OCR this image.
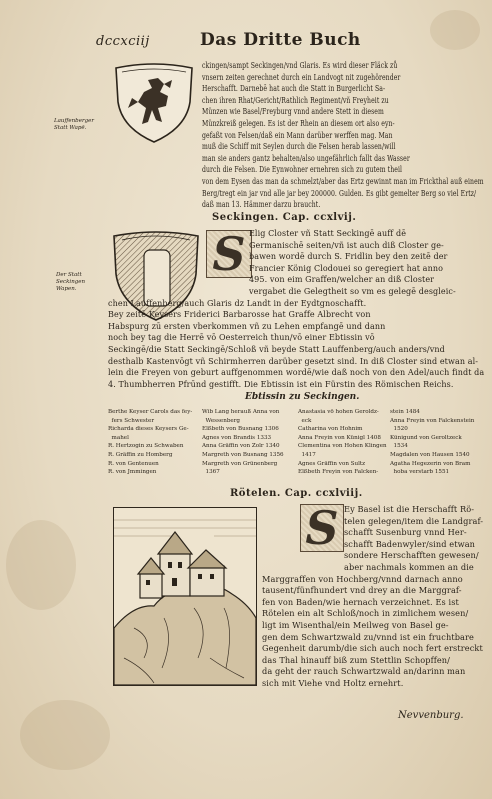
dccxciij	Das Dritte Buch
Lauffenberger
Statt Wapē.
ckingen/sampt Seckingen/vnd Glaris. Es wird dieser Fläck zů
vnsern zeiten gerechnet durch ein Landvogt nit zugehörender
Herschafft. Darnebē hat auch die Statt in Burgerlicht Sa-
chen ihren Rhat/Gericht/Rathlich Regiment/vñ Freyheit zu
Münzen wie Basel/Freyburg vnnd andere Stett in diesem
Münzkreiß gelegen. Es ist der Rhein an diesem ort also eyn-
gefaßt von Felsen/daß ein Mann darüber werffen mag. Man
muß die Schiff mit Seylen durch die Felsen herab lassen/will
man sie anders gantz behalten/also ungefährlich fallt das Wasser
durch die Felsen. Die Eynwohner ernehren sich zu gutem theil
von dem Eysen das man da schmelzt/aber das Ertz gewinnt man im Frickthal auß einem
Berg/tregt ein jar vnd alle jar bey 200000. Gulden. Es gibt gemelter Berg so viel Ertz/
daß man 13. Hämmer darzu braucht.
Seckingen. Cap. ccxlvij.
Der Statt
Seckingen
Wapen.
S Elig Closter vñ Statt Seckingē auff dē
Germanischē seiten/vñ ist auch diß Closter ge-
bawen wordē durch S. Fridlin bey den zeitē der
Francier König Clodouei so geregiert hat anno
495. von eim Graffen/welcher an diß Closter
vergabet die Gelegtheit so vm es gelegē desgleic-
chen Lauffenberg/auch Glaris dz Landt in der Eydtgnoschafft.
Bey zeitē Keysers Friderici Barbarosse hat Graffe Albrecht von
Habspurg zū ersten vberkommen vñ zu Lehen empfangē und dann
noch bey tag die Herrē vō Oesterreich thun/vō einer Ebtissin vō
Seckingē/die Statt Seckingē/Schloß vñ beyde Statt Lauffenberg/auch anders/vnd
desthalb Kastenvōgt vñ Schirmherren darüber gesetzt sind. In diß Closter sind etwan al-
lein die Freyen von geburt auffgenommen wordē/wie daß noch von den Adel/auch findt da
4. Thumbherren Pfrūnd gestifft. Die Ebtissin ist ein Fürstin des Römischen Reichs.
Ebtissin zu Seckingen.
Berthe Keyser Carols das fey-
fers Schwester
Richarda dieses Keysers Ge-
mahel
R. Hertzogin zu Schwaben
R. Gräffin zu Homberg
R. von Gentenuen
R. von Jmmingen
Wib Lang herauß Anna von
Wessenberg
Elßbeth von Busnang 1306
Agnes von Brandis 1333
Anna Gräffin von Zolr 1340
Margreth von Busnang 1356
Margreth von Grünenberg
1367
Anastasia vō hohen Geroldz-
eck
Catharina von Hohnim
Anna Freyin von Künigl 1408
Clementina von Hohen Klingen
1417
Agnes Gräffin von Sultz
Elßbeth Freyin von Falcken-
stein 1484
Anna Freyin von Falckenstein
1520
Künigund von Geroltzeck
1534
Magdalen von Hausen 1540
Agatha Hegezerin von Bram
hoba verstarb 1551
Rötelen. Cap. ccxlviij.
S Ey Basel ist die Herschafft Rö-
telen gelegen/item die Landgraf-
schafft Susenburg vnnd Her-
schafft Badenwyler/sind etwan
sondere Herschafften gewesen/
aber nachmals kommen an die
Marggraffen von Hochberg/vnnd darnach anno
tausent/fünfhundert vnd drey an die Marggraf-
fen von Baden/wie hernach verzeichnet. Es ist
Rötelen ein alt Schloß/noch in zimlichem wesen/
ligt im Wisenthal/ein Meilweg von Basel ge-
gen dem Schwartzwald zu/vnnd ist ein fruchtbare
Gegenheit darumb/die sich auch noch fert erstreckt
das Thal hinauff biß zum Stettlin Schopffen/
da geht der rauch Schwartzwald an/darinn man
sich mit Viehe vnd Holtz ernehrt.
Nevvenburg.
